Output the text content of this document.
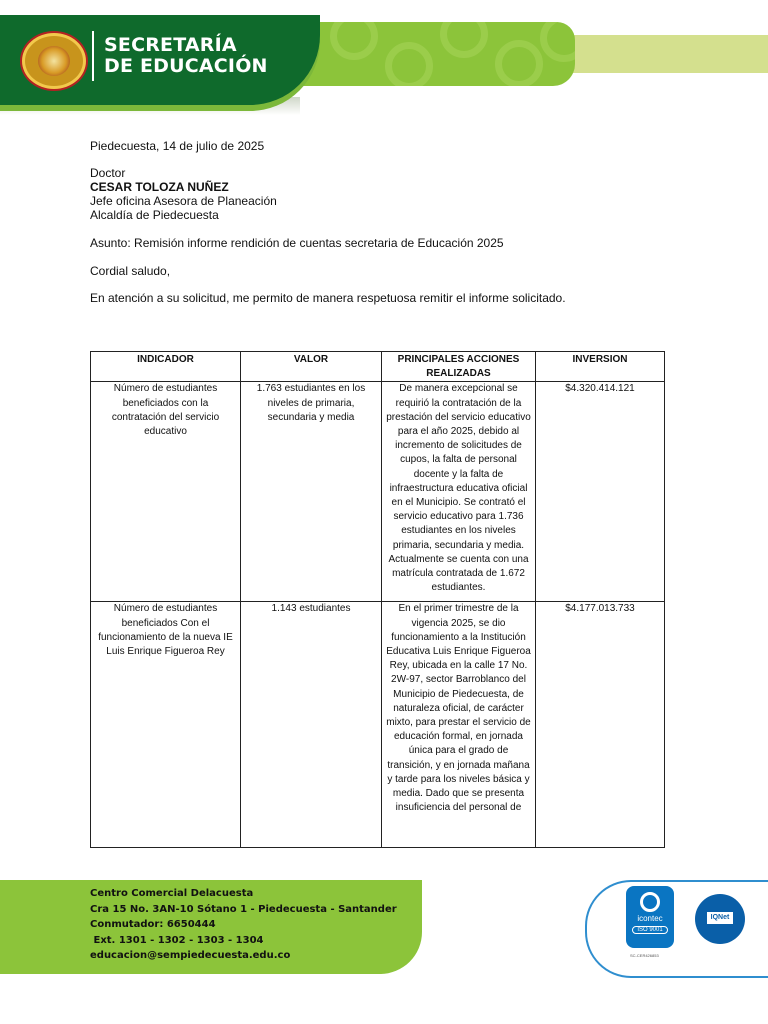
SECRETARÍA
DE EDUCACIÓN
Piedecuesta, 14 de julio de 2025
Doctor
CESAR TOLOZA NUÑEZ
Jefe oficina Asesora de Planeación
Alcaldía de Piedecuesta
Asunto: Remisión informe rendición de cuentas secretaria de Educación 2025
Cordial saludo,
En atención a su solicitud, me permito de manera respetuosa remitir el informe solicitado.
INDICADOR	VALOR	PRINCIPALES ACCIONES REALIZADAS	INVERSION
Número de estudiantes beneficiados con la contratación del servicio educativo	1.763 estudiantes en los niveles de primaria, secundaria y media	De manera excepcional se requirió la contratación de la prestación del servicio educativo para el año 2025, debido al incremento de solicitudes de cupos, la falta de personal docente y la falta de infraestructura educativa oficial en el Municipio. Se contrató el servicio educativo para 1.736 estudiantes en los niveles primaria, secundaria y media. Actualmente se cuenta con una matrícula contratada de 1.672 estudiantes.	$4.320.414.121
Número de estudiantes beneficiados Con el funcionamiento de la nueva IE Luis Enrique Figueroa Rey	1.143 estudiantes	En el primer trimestre de la vigencia 2025, se dio funcionamiento a la Institución Educativa Luis Enrique Figueroa Rey, ubicada en la calle 17 No. 2W-97, sector Barroblanco del Municipio de Piedecuesta, de naturaleza oficial, de carácter mixto, para prestar el servicio de educación formal, en jornada única para el grado de transición, y en jornada mañana y tarde para los niveles básica y media. Dado que se presenta insuficiencia del personal de	$4.177.013.733
Centro Comercial Delacuesta
Cra 15 No. 3AN-10 Sótano 1 - Piedecuesta - Santander
Conmutador: 6650444
Ext. 1301 - 1302 - 1303 - 1304
educacion@sempiedecuesta.edu.co
icontec
ISO 9001
SC-CER426853
IQNet
